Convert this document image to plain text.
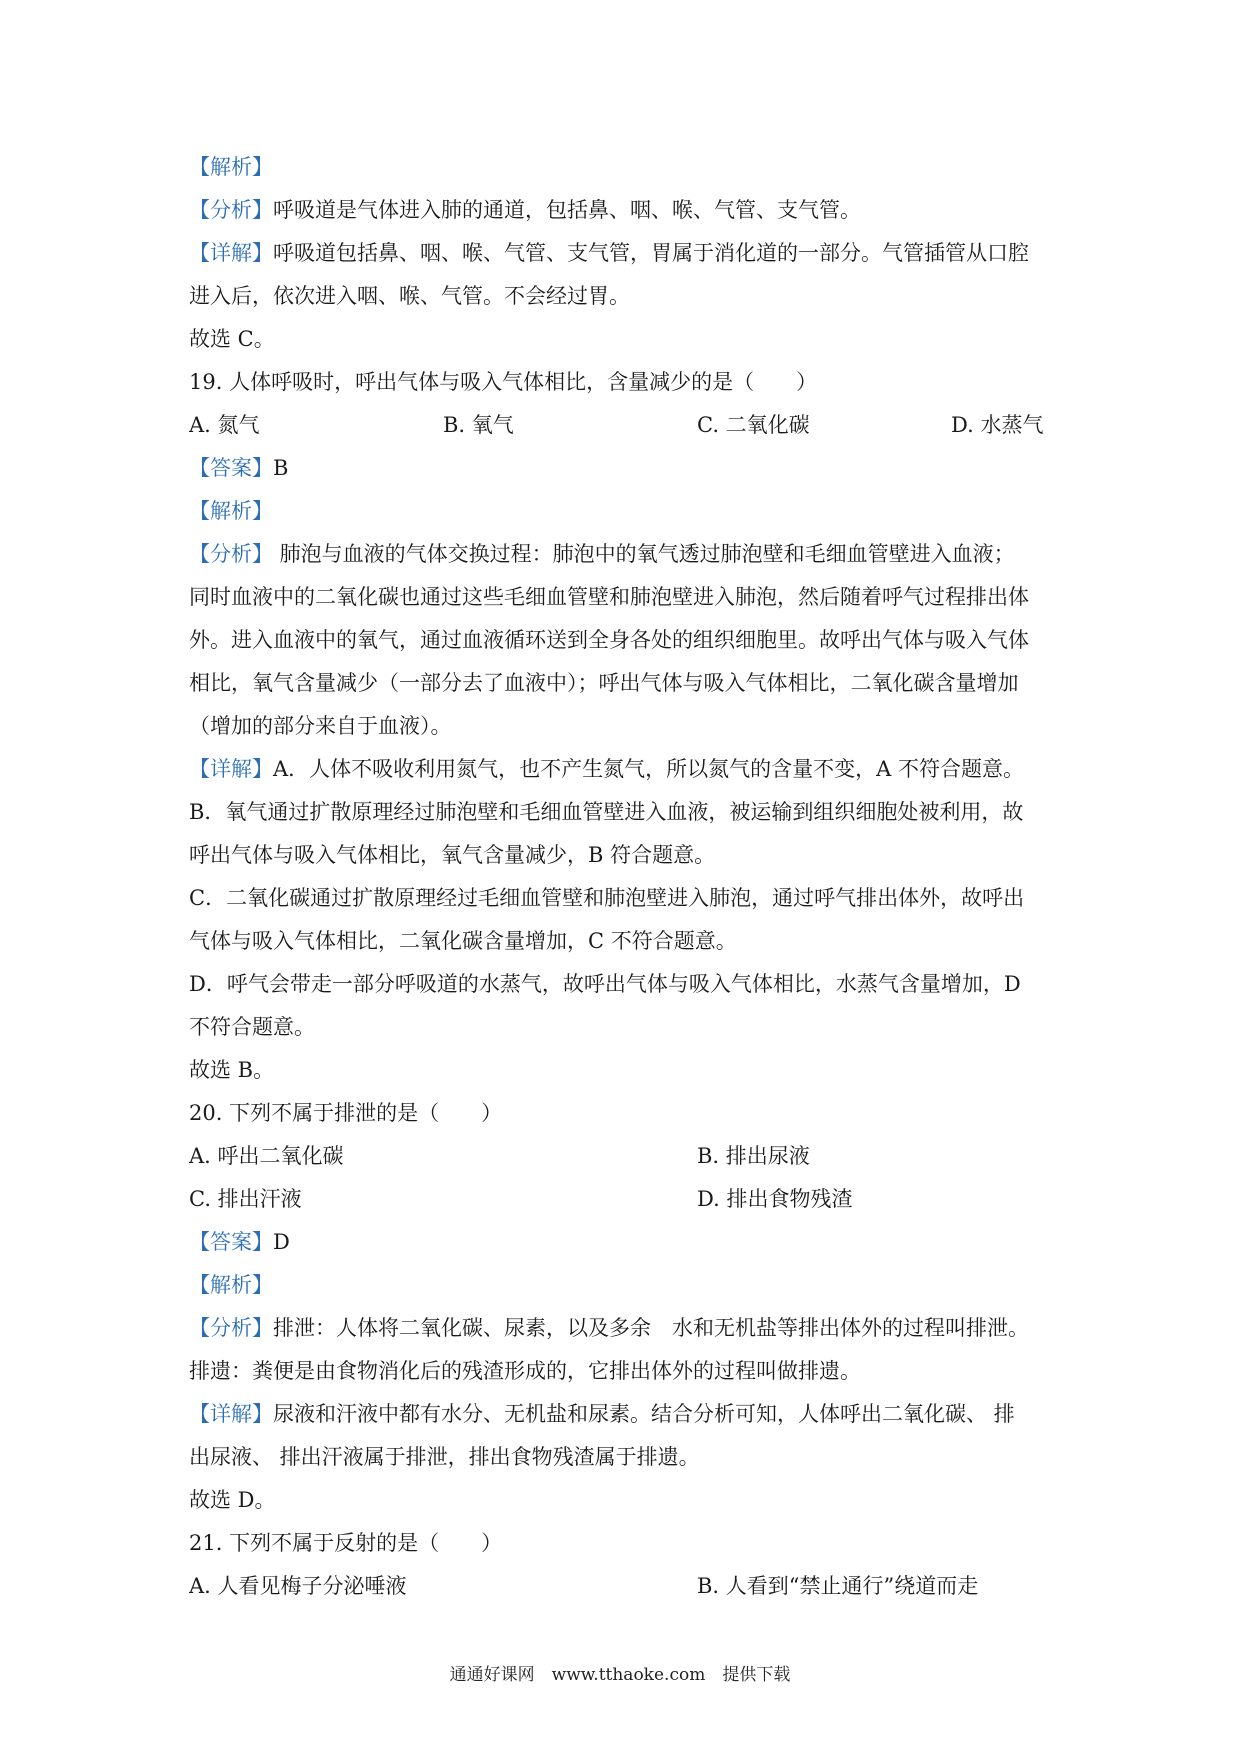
【解析】
【分析】呼吸道是气体进入肺的通道，包括鼻、咽、喉、气管、支气管。
【详解】呼吸道包括鼻、咽、喉、气管、支气管，胃属于消化道的一部分。气管插管从口腔
进入后，依次进入咽、喉、气管。不会经过胃。
故选 C。
19. 人体呼吸时，呼出气体与吸入气体相比，含量减少的是（　　）
A. 氮气	B. 氧气	C. 二氧化碳	D. 水蒸气
【答案】B
【解析】
【分析】 肺泡与血液的气体交换过程：肺泡中的氧气透过肺泡壁和毛细血管壁进入血液；
同时血液中的二氧化碳也通过这些毛细血管壁和肺泡壁进入肺泡，然后随着呼气过程排出体
外。进入血液中的氧气，通过血液循环送到全身各处的组织细胞里。故呼出气体与吸入气体
相比，氧气含量减少（一部分去了血液中）；呼出气体与吸入气体相比，二氧化碳含量增加
（增加的部分来自于血液）。
【详解】A．人体不吸收利用氮气，也不产生氮气，所以氮气的含量不变，A 不符合题意。
B．氧气通过扩散原理经过肺泡壁和毛细血管壁进入血液，被运输到组织细胞处被利用，故
呼出气体与吸入气体相比，氧气含量减少，B 符合题意。
C．二氧化碳通过扩散原理经过毛细血管壁和肺泡壁进入肺泡，通过呼气排出体外，故呼出
气体与吸入气体相比，二氧化碳含量增加，C 不符合题意。
D．呼气会带走一部分呼吸道的水蒸气，故呼出气体与吸入气体相比，水蒸气含量增加，D
不符合题意。
故选 B。
20. 下列不属于排泄的是（　　）
A. 呼出二氧化碳	B. 排出尿液
C. 排出汗液	D. 排出食物残渣
【答案】D
【解析】
【分析】排泄：人体将二氧化碳、尿素，以及多余　水和无机盐等排出体外的过程叫排泄。
排遗：粪便是由食物消化后的残渣形成的，它排出体外的过程叫做排遗。
【详解】尿液和汗液中都有水分、无机盐和尿素。结合分析可知，人体呼出二氧化碳、 排
出尿液、 排出汗液属于排泄，排出食物残渣属于排遗。
故选 D。
21. 下列不属于反射的是（　　）
A. 人看见梅子分泌唾液	B. 人看到“禁止通行”绕道而走
通通好课网　www.tthaoke.com　提供下载
